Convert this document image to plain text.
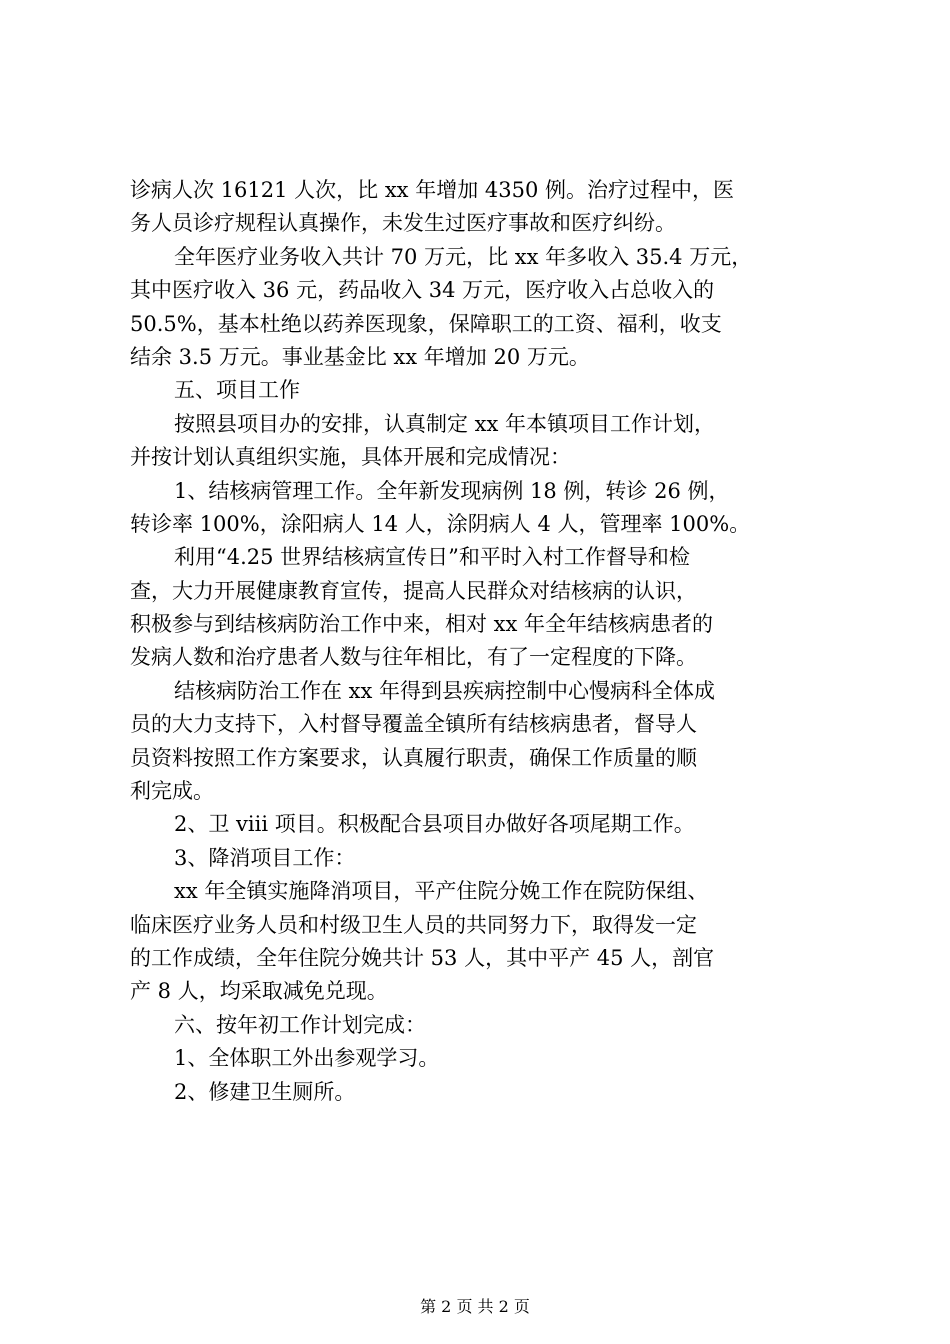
诊病人次 16121 人次，比 xx 年增加 4350 例。治疗过程中，医
务人员诊疗规程认真操作，未发生过医疗事故和医疗纠纷。
全年医疗业务收入共计 70 万元，比 xx 年多收入 35.4 万元，
其中医疗收入 36 元，药品收入 34 万元，医疗收入占总收入的
50.5%，基本杜绝以药养医现象，保障职工的工资、福利，收支
结余 3.5 万元。事业基金比 xx 年增加 20 万元。
五、项目工作
按照县项目办的安排，认真制定 xx 年本镇项目工作计划，
并按计划认真组织实施，具体开展和完成情况：
1、结核病管理工作。全年新发现病例 18 例，转诊 26 例，
转诊率 100%，涂阳病人 14 人，涂阴病人 4 人，管理率 100%。
利用“4.25 世界结核病宣传日”和平时入村工作督导和检
查，大力开展健康教育宣传，提高人民群众对结核病的认识，
积极参与到结核病防治工作中来，相对 xx 年全年结核病患者的
发病人数和治疗患者人数与往年相比，有了一定程度的下降。
结核病防治工作在 xx 年得到县疾病控制中心慢病科全体成
员的大力支持下，入村督导覆盖全镇所有结核病患者，督导人
员资料按照工作方案要求，认真履行职责，确保工作质量的顺
利完成。
2、卫 viii 项目。积极配合县项目办做好各项尾期工作。
3、降消项目工作：
xx 年全镇实施降消项目，平产住院分娩工作在院防保组、
临床医疗业务人员和村级卫生人员的共同努力下，取得发一定
的工作成绩，全年住院分娩共计 53 人，其中平产 45 人，剖官
产 8 人，均采取减免兑现。
六、按年初工作计划完成：
1、全体职工外出参观学习。
2、修建卫生厕所。
第 2 页 共 2 页
